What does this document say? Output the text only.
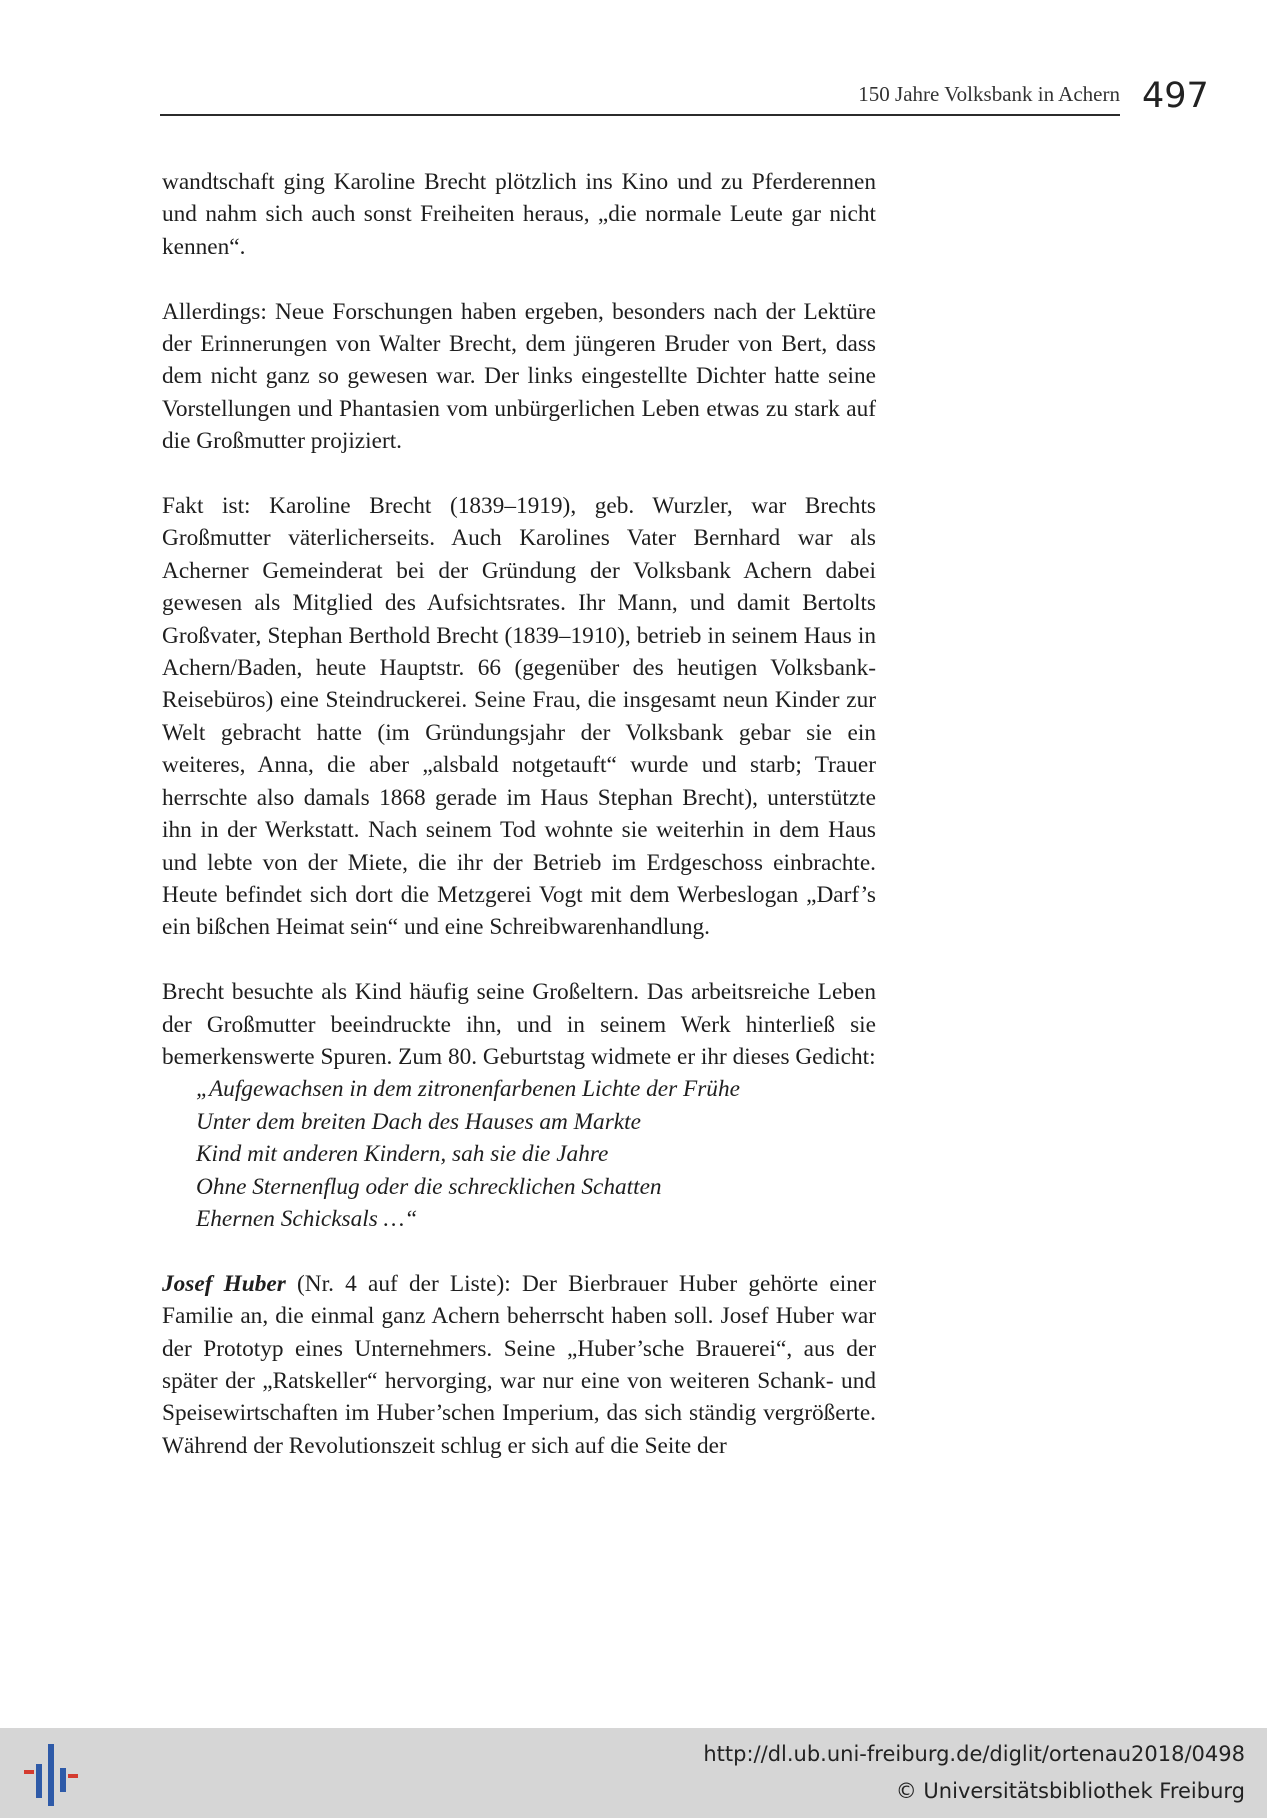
150 Jahre Volksbank in Achern 497

wandtschaft ging Karoline Brecht plötzlich ins Kino und zu Pferderennen und nahm sich auch sonst Freiheiten heraus, „die normale Leute gar nicht kennen“.

Allerdings: Neue Forschungen haben ergeben, besonders nach der Lektüre der Erinnerungen von Walter Brecht, dem jüngeren Bruder von Bert, dass dem nicht ganz so gewesen war. Der links eingestellte Dichter hatte seine Vorstellungen und Phantasien vom unbürgerlichen Leben etwas zu stark auf die Großmutter projiziert.

Fakt ist: Karoline Brecht (1839–1919), geb. Wurzler, war Brechts Großmutter väterlicherseits. Auch Karolines Vater Bernhard war als Acherner Gemeinderat bei der Gründung der Volksbank Achern dabei gewesen als Mitglied des Aufsichtsrates. Ihr Mann, und damit Bertolts Großvater, Stephan Berthold Brecht (1839–1910), betrieb in seinem Haus in Achern/Baden, heute Hauptstr. 66 (gegenüber des heutigen Volksbank-Reisebüros) eine Steindruckerei. Seine Frau, die insgesamt neun Kinder zur Welt gebracht hatte (im Gründungsjahr der Volksbank gebar sie ein weiteres, Anna, die aber „alsbald notgetauft“ wurde und starb; Trauer herrschte also damals 1868 gerade im Haus Stephan Brecht), unterstützte ihn in der Werkstatt. Nach seinem Tod wohnte sie weiterhin in dem Haus und lebte von der Miete, die ihr der Betrieb im Erdgeschoss einbrachte. Heute befindet sich dort die Metzgerei Vogt mit dem Werbeslogan „Darf’s ein bißchen Heimat sein“ und eine Schreibwarenhandlung.

Brecht besuchte als Kind häufig seine Großeltern. Das arbeitsreiche Leben der Großmutter beeindruckte ihn, und in seinem Werk hinterließ sie bemerkenswerte Spuren. Zum 80. Geburtstag widmete er ihr dieses Gedicht:

„Aufgewachsen in dem zitronenfarbenen Lichte der Frühe
Unter dem breiten Dach des Hauses am Markte
Kind mit anderen Kindern, sah sie die Jahre
Ohne Sternenflug oder die schrecklichen Schatten
Ehernen Schicksals …“

Josef Huber (Nr. 4 auf der Liste): Der Bierbrauer Huber gehörte einer Familie an, die einmal ganz Achern beherrscht haben soll. Josef Huber war der Prototyp eines Unternehmers. Seine „Huber’sche Brauerei“, aus der später der „Ratskeller“ hervorging, war nur eine von weiteren Schank- und Speisewirtschaften im Huber’schen Imperium, das sich ständig vergrößerte. Während der Revolutionszeit schlug er sich auf die Seite der

http://dl.ub.uni-freiburg.de/diglit/ortenau2018/0498
© Universitätsbibliothek Freiburg
